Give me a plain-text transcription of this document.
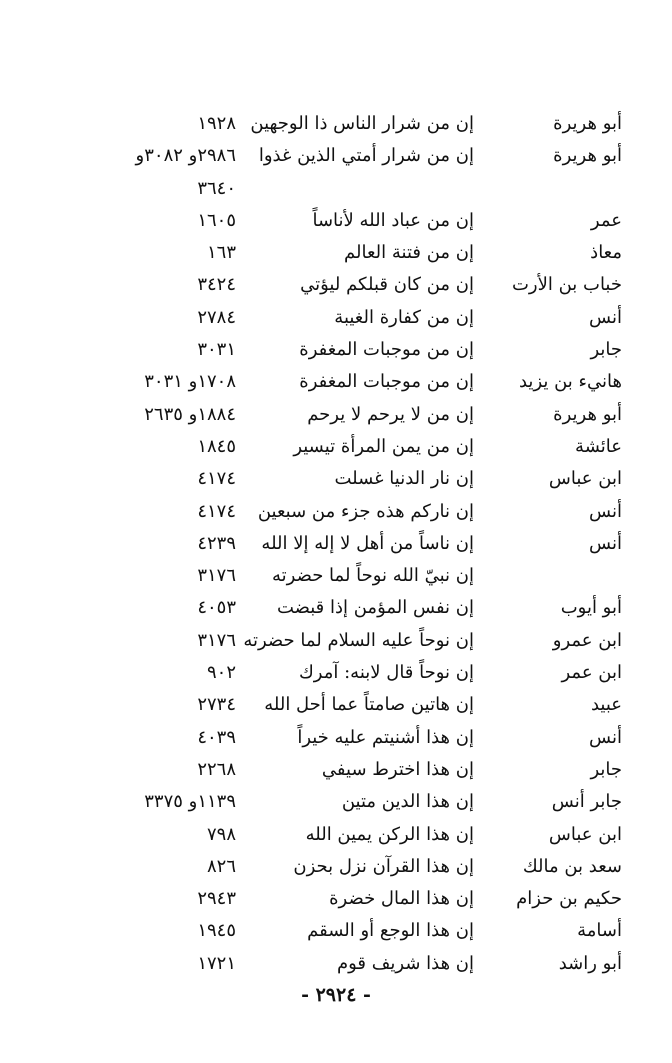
أبو هريرة
إن من شرار الناس ذا الوجهين
١٩٢٨
أبو هريرة
إن من شرار أمتي الذين غذوا
٢٩٨٦و ٣٠٨٢و
٣٦٤٠
عمر
إن من عباد الله لأناساً
١٦٠٥
معاذ
إن من فتنة العالم
١٦٣
خباب بن الأرت
إن من كان قبلكم ليؤتي
٣٤٢٤
أنس
إن من كفارة الغيبة
٢٧٨٤
جابر
إن من موجبات المغفرة
٣٠٣١
هانيء بن يزيد
إن من موجبات المغفرة
١٧٠٨و ٣٠٣١
أبو هريرة
إن من لا يرحم لا يرحم
١٨٨٤و ٢٦٣٥
عائشة
إن من يمن المرأة تيسير
١٨٤٥
ابن عباس
إن نار الدنيا غسلت
٤١٧٤
أنس
إن ناركم هذه جزء من سبعين
٤١٧٤
أنس
إن ناساً من أهل لا إله إلا الله
٤٢٣٩
إن نبيّ الله نوحاً لما حضرته
٣١٧٦
أبو أيوب
إن نفس المؤمن إذا قبضت
٤٠٥٣
ابن عمرو
إن نوحاً عليه السلام لما حضرته
٣١٧٦
ابن عمر
إن نوحاً قال لابنه: آمرك
٩٠٢
عبيد
إن هاتين صامتاً عما أحل الله
٢٧٣٤
أنس
إن هذا أشنيتم عليه خيراً
٤٠٣٩
جابر
إن هذا اخترط سيفي
٢٢٦٨
جابر أنس
إن هذا الدين متين
١١٣٩و ٣٣٧٥
ابن عباس
إن هذا الركن يمين الله
٧٩٨
سعد بن مالك
إن هذا القرآن نزل بحزن
٨٢٦
حكيم بن حزام
إن هذا المال خضرة
٢٩٤٣
أسامة
إن هذا الوجع أو السقم
١٩٤٥
أبو راشد
إن هذا شريف قوم
١٧٢١
- ٢٩٢٤ -
